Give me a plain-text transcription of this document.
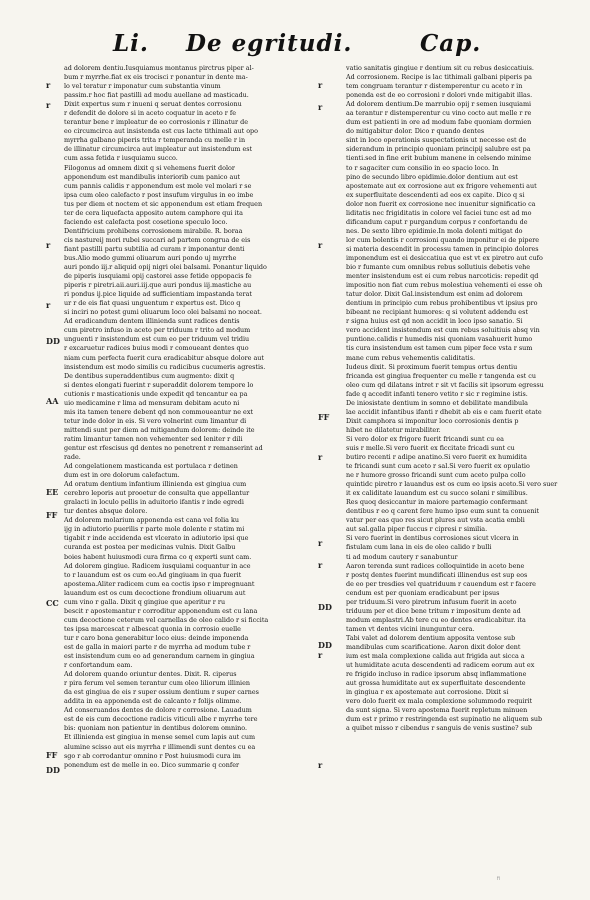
Li. De egritudi.	Cap.
ad dolorem dentiu.Iusquiamus montanus pirctrus piper al-
bum r myrrhe.fiat ex eis trocisci r ponantur in dente ma-
lo vel teratur r imponatur cum substantia vinum
passim.r hoc fiat pastilli ad modu auellane ad masticadu.
Dixit expertus sum r inueni q seruat dentes corrosionu
r defendit de dolore si in aceto coquatur in aceto r fe
terantur bene r impleatur de eo corrosionis r illinatur de
eo circumcirca aut insistenda est cus lacte tithimali aut opo
myrrha galbano piperis trita r temperanda cu melle r in
de illinatur circumcirca aut impleatur aut insistendum est
cum assa fetida r iusquiamu succo.
Filogonus ad omnem dixit q si vehemens fuerit dolor
apponendum est mandibulis interiorib cum panico aut
cum pannis calidis r apponendum est mole vel molari r se
ipsa cum oleo calefacto r post insufum virgulus in eo imbe
tus per diem et noctem et sic apponendum est etiam frequen
ter de cera liquefacta apposito autem camphore qui ita
faciendo est calefacta post cosetione speculo loco.
Dentifricium prohibens corrosionem mirabile. R. boraa
cis nastureij mori rubei succari ad partem congrua de eis
fiant pastilli partu subtilia ad curam r imponantur denti
bus.Alio modo gummi oliuarum auri pondo uj myrrhe
auri pondo iij.r aliquid opij nigri olei balsami. Ponantur liquido
de piperis iusquiami opij castorei asse fetide oppopacis fe
piperis r piretri.aii.auri.iij.que auri pondus iij.mastiche au
ri pondus ij.pice liquide ad sufficientiam impastanda terat
ur r de eis fiat quasi unguentum r expertus est. Dico q
si inciri no potest gumi oliuarum loco olei balsami no noceat.
Ad eradicandum dentem illinienda sunt radices dentis
cum piretro infuso in aceto per triduum r trito ad modum
unguenti r insistendum est cum eo per triduum vel tridiu
r excaruetur radices buius modi r comoueant dentes quo
niam cum perfecta fuerit cura eradicabitur absque dolore aut
insistendum est modo similis cu radicibus cucumeris agrestis.
De dentibus superaddentibus cum augmento: dixit q
si dentes elongati fuerint r superaddit dolorem tempore lo
cutionis r masticationis unde expedit qd tencantur ea pa
uio medicamine r lima ad mensuram debitam acuto ni
mis ita tamen tenere debent qd non commoueantur ne ext
tetur inde dolor in eis. Si vero volnerint cum limantur di
mittendi sunt per diem ad mitigandum dolorem: deinde ite
ratim limantur tamen non vehementer sed leniter r dili
gentur est rfescisus qd dentes no penetrent r remanserint ad
rade.
Ad congelationem masticanda est portulaca r detinen
dum est in ore dolorum calefactum.
Ad oratum dentium infantium illinienda est gingiua cum
cerebro leporis aut prooetur de consulta que appellantur
gralacti in loculo pellis in aduitorio ifantis r inde egredi
tur dentes absque dolore.
Ad dolorem molarium apponenda est cana vel folia ku
ijg in adiutorio puerilis r parte mole dolente r statim mi
tigabit r inde accidenda est vlcerato in adiutorio ipsi que
curanda est postea per medicinas vulnis. Dixit Galbu
boies habent huiusmodi cura firma co q experti sunt cam.
Ad dolorem gingiue. Radicem iusquiami coquantur in ace
to r lauandum est os cum eo.Ad gingiuam in qua fuerit
apostema.Aliter radicem cum ea coctis ipso r impregnuant
lauandum est os cum decoctione frondium oliuarum aut
cum vino r galla. Dixit q gingiue que aperitur r ru
bescit r apostemantur r corroditur apponendum est cu lana
cum decoctione ceterum vel carnellas de oleo calido r si ficcita
tes ipsa marcescat r albescat quonia in corrosio euelle
tur r caro bona generabitur loco eius: deinde imponenda
est de galla in maiori parte r de myrrha ad modum tube r
est insistendum cum eo ad generandum carnem in gingiua
r confortandum eam.
Ad dolorem quando oriuntur dentes. Dixit. R. ciperus
r pira ferum vel semen terantur cum oleo liliorum illinien
da est gingiua de eis r super ossium dentium r super carnes
addita in ea apponenda est de calcanto r folijs olimme.
Ad conseruandos dentes de dolore r corrosione. Lauadum
est de eis cum decoctione radicis viticuli albe r myrrhe tere
bis: quoniam non patientur in dentibus dolorem omnino.
Et illinienda est gingiua in mense semel cum lapis aut cum
alumine scisso aut eis myrrha r illimendi sunt dentes cu ea
sgo r ab corrodantur omnino r Post huiusmodi cura im
ponendum est de melle in eo. Dico summarie q confer
vatio sanitatis gingiue r dentium sit cu rebus desiccatiuis.
Ad corrosionem. Recipe is lac tithimali galbani piperis pa
tem congruam terantur r distemperentur cu aceto r in
ponenda est de eo corrosioni r dolori vnde mitigabit illas.
Ad dolorem dentium.De marrubio opij r semen iusquiami
aa terantur r distemperentur cu vino cocto aut melle r re
dum est patienti in ore ad modum fabe quoniam dormien
do mitigabitur dolor. Dico r quando dentes
sint in loco operationis suspectationis ut necesse est de
siderandum in principio quoniam principij salubre est pa
tienti.sed in fine erit bubium manene in celsendo minime
to r sagaciter cum consilio in eo spacio loco. In
pino de secundo libro epidimie.dolor dentium aut est
apostemate aut ex corrosione aut ex frigore vehementi aut
ex superfluitate descendenti ad eos ex capite. Dico q si
dolor non fuerit ex corrosione nec inuenitur significatio ca
liditatis nec frigiditatis in colore vel faciei tunc est ad mo
dificandum caput r purgandum corpus r confortandu de
nes. De sexto libro epidimie.In mola dolenti mitigat do
lor cum bolentis r corrosioni quando imponitur ei de pipere
si materia descendit in processu tamen in principio dolores
imponendum est ei desiccatiua que est vt ex piretro aut cufo
bio r fumante cum omnibus rebus sollutiuis debetis vehe
menter insistendum est ei cum rebus narcoticis: repedit qd
impositio non fiat cum rebus molestiua vehementi ei esse oh
tatur dolor. Dixit Gal.insistendum est enim ad dolorem
dentium in principio cum rebus prohibentibus vt ipsius pro
bibeant ne recipiant humores: q si volutent addendu est
r signa huius est qd non accidit in loco ipso sanatio. Si
vero accident insistendum est cum rebus soluitiuis absq vin
puntione.calidis r humedis nisi quoniam vasahuerit humo
tis cura insistendum est tamen cum piper fece vsta r sum
mane cum rebus vehementis caliditatis.
Iudeus dixit. Si proximum fuerit tempus ortus dentiu
fricanda est gingiua frequenter cu melle r tangenda est cu
oleo cum qd dilatans intret r sit vt facilis sit ipsorum egressu
fade q accedit infanti tenero vetito r sic r regimine istis.
De iniosistate dentium in somno et debilitate mandibula
lae accidit infantibus ifanti r dhebit ab eis e cam fuerit etate
Dixit camphora si imponitur loco corrosionis dentis p
hibet ne dilatetur mirabiliter.
Si vero dolor ex frigore fuerit fricandi sunt cu ea
suis r melle.Si vero fuerit ex ficcitate fricadi sunt cu
butiro recenti r adipe anatino.Si vero fuerit ex humidita
te fricandi sunt cum aceto r sal.Si vero fuerit ex opulatio
ne r humore grosso fricandi sunt cum aceto pulpa collo
quintidc piretro r lauandus est os cum eo ipsis aceto.Si vero suer
it ex caliditate lauandum est cu succo solani r similibus.
Res quoq desiccantur in maiore partemagio confermant
dentibus r eo q carent fere humo ipso eum sunt ta conuenit
vatur per eas quo res sicut plures aut vsta acatia embli
aut sal.galla piper fuccus r cipresi r similia.
Si vero fuerint in dentibus corrosiones sicut vlcera in
fistulam cum lana in eis de oleo calido r bulli
ti ad modum cautery r sanabuntur
Aaron terenda sunt radices colloquintide in aceto bene
r postq dentes fuerint mundificati illinendus est sup eos
de eo per tresdies vel quatriduum r cauendum est r facere
cendum est per quoniam eradicabunt per ipsus
per triduum.Si vero piretrum infusum fuerit in aceto
triduum per et dice bene tritum r impositum dente ad
modum emplastri.Ab tere cu eo dentes eradicabitur. ita
tamen vt dentes vicini inunguntur cera.
Tabi valet ad dolorem dentium apposita ventose sub
mandibulas cum scarificatione. Aaron dixit dolor dent
ium est mala complexione calida aut frigida aut sicca a
ut humiditate acuta descendenti ad radicem eorum aut ex
re frigido incluso in radice ipsorum absq inflammatione
aut grossa humiditate aut ex superfluitate descendente
in gingiua r ex apostemate aut corrosione. Dixit si
vero dolo fuerit ex mala complexione solummodo requirit
da sunt signa. Si vero apostema fuerit repletum minuen
dum est r primo r restringenda est supinatio ne aliquem sub
a quibet misso r cibendus r sanguis de venis sustine? sub
r
r
r
r
DD
AA
EE
FF
CC
FF
DD
r
r
r
FF
r
r
r
DD
r
DD
r
fi
